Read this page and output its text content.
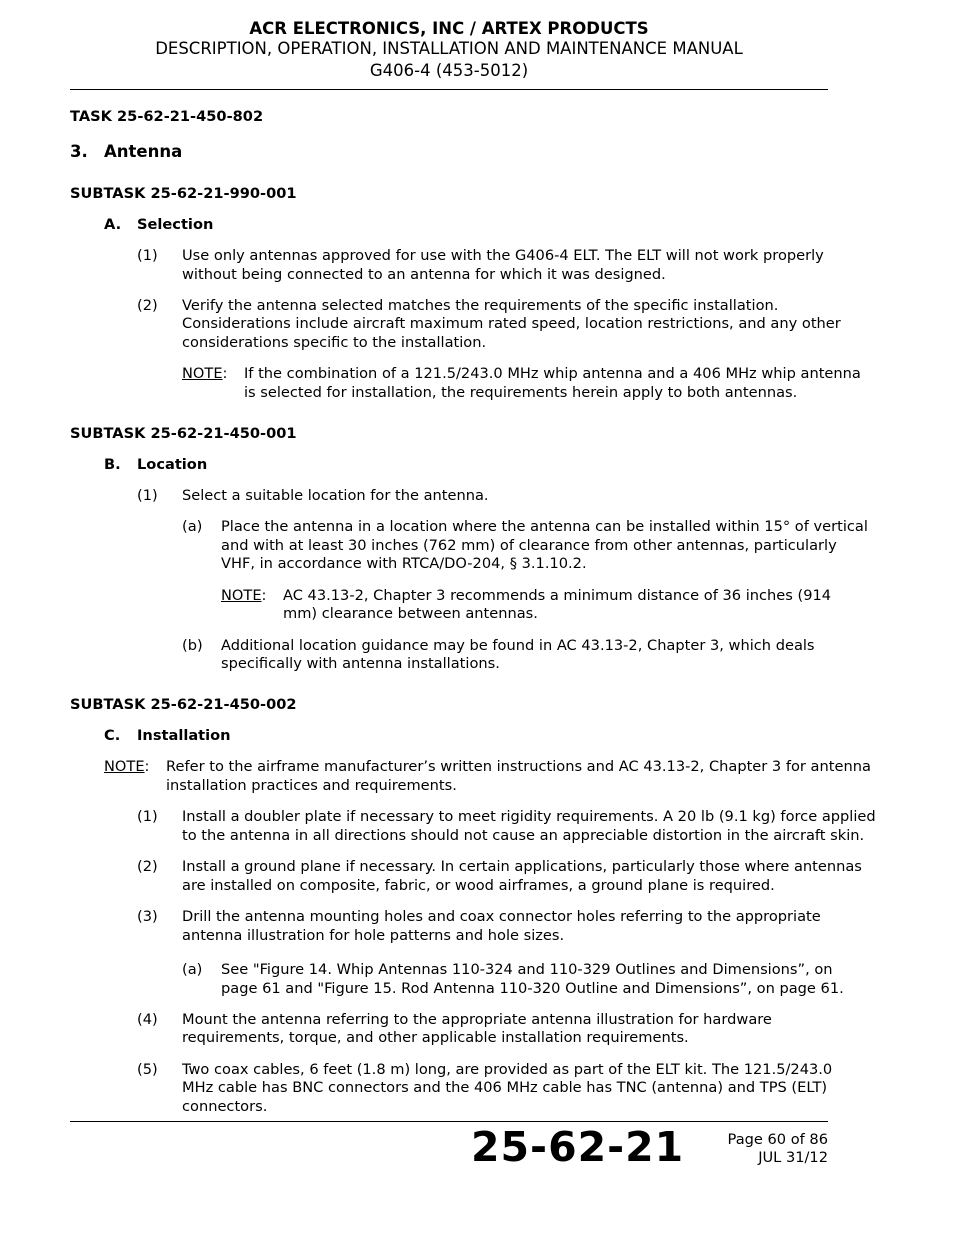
ACR ELECTRONICS, INC / ARTEX PRODUCTS
DESCRIPTION, OPERATION, INSTALLATION AND MAINTENANCE MANUAL
G406-4 (453-5012)
TASK 25-62-21-450-802
3. Antenna
SUBTASK 25-62-21-990-001
A. Selection
(1) Use only antennas approved for use with the G406-4 ELT. The ELT will not work properly
without being connected to an antenna for which it was designed.
(2) Verify the antenna selected matches the requirements of the specific installation.
Considerations include aircraft maximum rated speed, location restrictions, and any other
considerations specific to the installation.
NOTE: If the combination of a 121.5/243.0 MHz whip antenna and a 406 MHz whip antenna
is selected for installation, the requirements herein apply to both antennas.
SUBTASK 25-62-21-450-001
B. Location
(1) Select a suitable location for the antenna.
(a) Place the antenna in a location where the antenna can be installed within 15° of vertical
and with at least 30 inches (762 mm) of clearance from other antennas, particularly
VHF, in accordance with RTCA/DO-204, § 3.1.10.2.
NOTE: AC 43.13-2, Chapter 3 recommends a minimum distance of 36 inches (914
mm) clearance between antennas.
(b) Additional location guidance may be found in AC 43.13-2, Chapter 3, which deals
specifically with antenna installations.
SUBTASK 25-62-21-450-002
C. Installation
NOTE: Refer to the airframe manufacturer’s written instructions and AC 43.13-2, Chapter 3 for antenna
installation practices and requirements.
(1) Install a doubler plate if necessary to meet rigidity requirements. A 20 lb (9.1 kg) force applied
to the antenna in all directions should not cause an appreciable distortion in the aircraft skin.
(2) Install a ground plane if necessary. In certain applications, particularly those where antennas
are installed on composite, fabric, or wood airframes, a ground plane is required.
(3) Drill the antenna mounting holes and coax connector holes referring to the appropriate
antenna illustration for hole patterns and hole sizes.
(a) See "Figure 14. Whip Antennas 110-324 and 110-329 Outlines and Dimensions”, on
page 61 and "Figure 15. Rod Antenna 110-320 Outline and Dimensions”, on page 61.
(4) Mount the antenna referring to the appropriate antenna illustration for hardware
requirements, torque, and other applicable installation requirements.
(5) Two coax cables, 6 feet (1.8 m) long, are provided as part of the ELT kit. The 121.5/243.0
MHz cable has BNC connectors and the 406 MHz cable has TNC (antenna) and TPS (ELT)
connectors.
25-62-21	Page 60 of 86
JUL 31/12
